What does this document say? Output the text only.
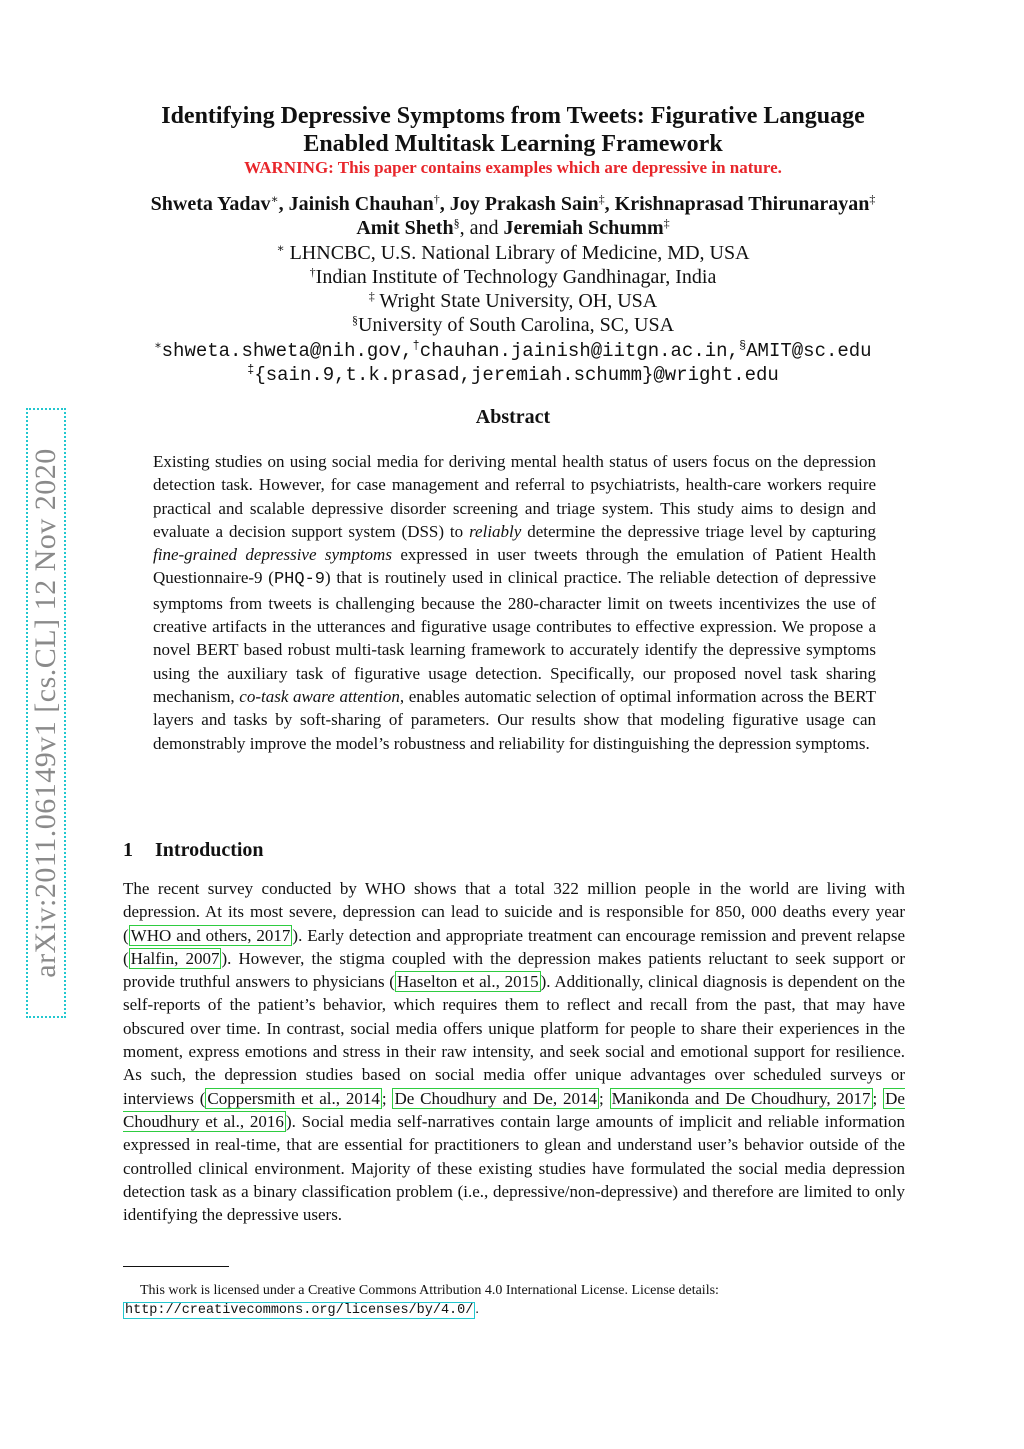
arXiv:2011.06149v1 [cs.CL] 12 Nov 2020
Identifying Depressive Symptoms from Tweets: Figurative Language
Enabled Multitask Learning Framework
WARNING: This paper contains examples which are depressive in nature.
Shweta Yadav∗, Jainish Chauhan†, Joy Prakash Sain‡, Krishnaprasad Thirunarayan‡
Amit Sheth§, and Jeremiah Schumm‡
∗ LHNCBC, U.S. National Library of Medicine, MD, USA
†Indian Institute of Technology Gandhinagar, India
‡ Wright State University, OH, USA
§University of South Carolina, SC, USA
∗shweta.shweta@nih.gov,†chauhan.jainish@iitgn.ac.in,§AMIT@sc.edu
‡{sain.9,t.k.prasad,jeremiah.schumm}@wright.edu
Abstract

Existing studies on using social media for deriving mental health status of users focus on the depression detection task. However, for case management and referral to psychiatrists, health-care workers require practical and scalable depressive disorder screening and triage system. This study aims to design and evaluate a decision support system (DSS) to reliably determine the depressive triage level by capturing fine-grained depressive symptoms expressed in user tweets through the emulation of Patient Health Questionnaire-9 (PHQ-9) that is routinely used in clinical practice. The reliable detection of depressive symptoms from tweets is challenging because the 280-character limit on tweets incentivizes the use of creative artifacts in the utterances and figurative usage contributes to effective expression. We propose a novel BERT based robust multi-task learning framework to accurately identify the depressive symptoms using the auxiliary task of figurative usage detection. Specifically, our proposed novel task sharing mechanism, co-task aware attention, enables automatic selection of optimal information across the BERT layers and tasks by soft-sharing of parameters. Our results show that modeling figurative usage can demonstrably improve the model’s robustness and reliability for distinguishing the depression symptoms.

1 Introduction

The recent survey conducted by WHO shows that a total 322 million people in the world are living with depression. At its most severe, depression can lead to suicide and is responsible for 850, 000 deaths every year ( WHO and others, 2017 ). Early detection and appropriate treatment can encourage remission and prevent relapse ( Halfin, 2007 ). However, the stigma coupled with the depression makes patients reluctant to seek support or provide truthful answers to physicians ( Haselton et al., 2015 ). Additionally, clinical diagnosis is dependent on the self-reports of the patient’s behavior, which requires them to reflect and recall from the past, that may have obscured over time. In contrast, social media offers unique platform for people to share their experiences in the moment, express emotions and stress in their raw intensity, and seek social and emotional support for resilience. As such, the depression studies based on social media offer unique advantages over scheduled surveys or interviews ( Coppersmith et al., 2014 ; De Choudhury and De, 2014 ; Manikonda and De Choudhury, 2017 ; De Choudhury et al., 2016 ). Social media self-narratives contain large amounts of implicit and reliable information expressed in real-time, that are essential for practitioners to glean and understand user’s behavior outside of the controlled clinical environment. Majority of these existing studies have formulated the social media depression detection task as a binary classification problem (i.e., depressive/non-depressive) and therefore are limited to only identifying the depressive users.

This work is licensed under a Creative Commons Attribution 4.0 International License. License details:
http://creativecommons.org/licenses/by/4.0/ .
